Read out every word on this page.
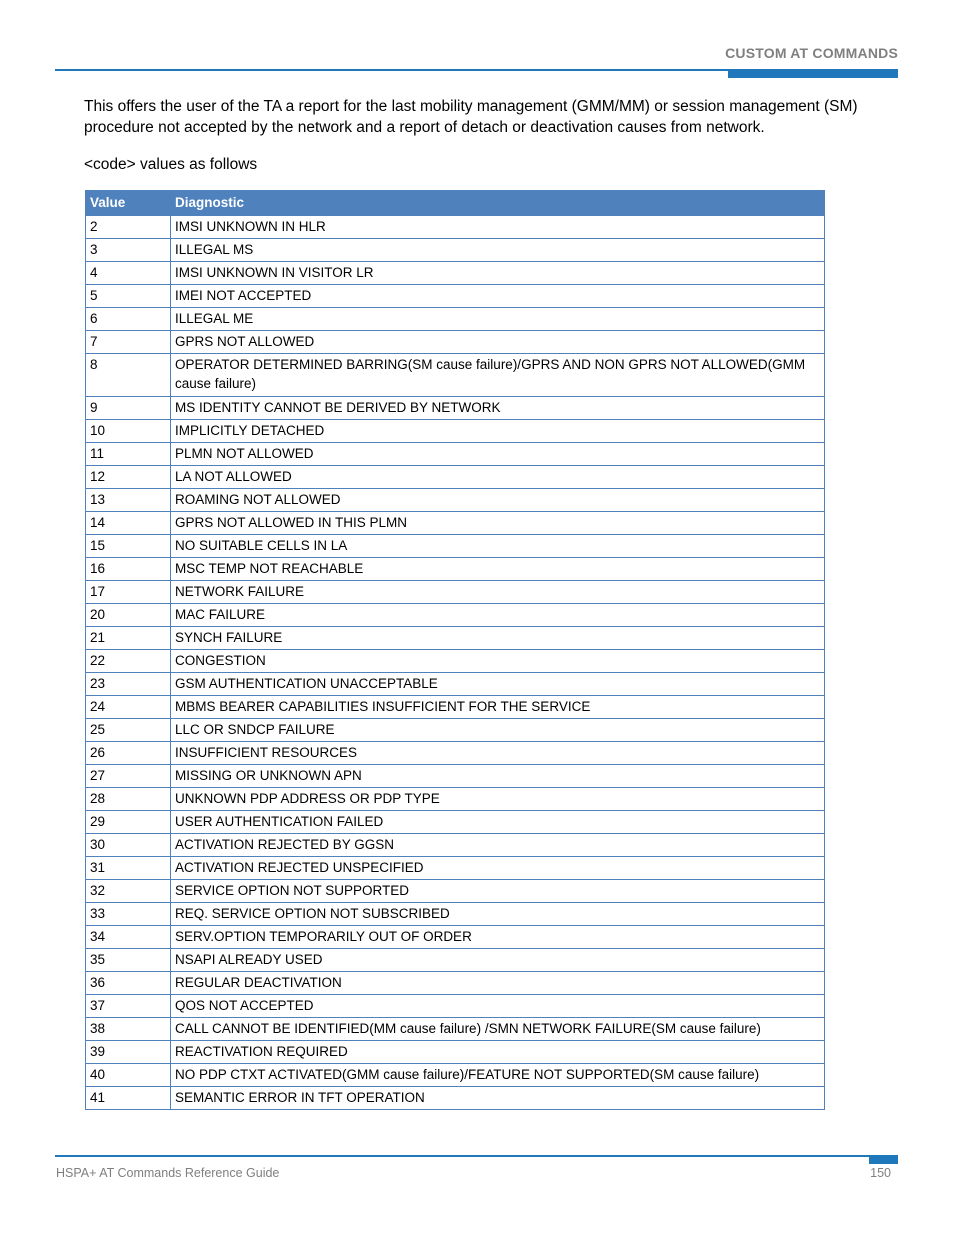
CUSTOM AT COMMANDS

This offers the user of the TA a report for the last mobility management (GMM/MM) or session management (SM) procedure not accepted by the network and a report of detach or deactivation causes from network.

<code> values as follows

Value	Diagnostic
2	IMSI UNKNOWN IN HLR
3	ILLEGAL MS
4	IMSI UNKNOWN IN VISITOR LR
5	IMEI NOT ACCEPTED
6	ILLEGAL ME
7	GPRS NOT ALLOWED
8	OPERATOR DETERMINED BARRING(SM cause failure)/GPRS AND NON GPRS NOT ALLOWED(GMM cause failure)
9	MS IDENTITY CANNOT BE DERIVED BY NETWORK
10	IMPLICITLY DETACHED
11	PLMN NOT ALLOWED
12	LA NOT ALLOWED
13	ROAMING NOT ALLOWED
14	GPRS NOT ALLOWED IN THIS PLMN
15	NO SUITABLE CELLS IN LA
16	MSC TEMP NOT REACHABLE
17	NETWORK FAILURE
20	MAC FAILURE
21	SYNCH FAILURE
22	CONGESTION
23	GSM AUTHENTICATION UNACCEPTABLE
24	MBMS BEARER CAPABILITIES INSUFFICIENT FOR THE SERVICE
25	LLC OR SNDCP FAILURE
26	INSUFFICIENT RESOURCES
27	MISSING OR UNKNOWN APN
28	UNKNOWN PDP ADDRESS OR PDP TYPE
29	USER AUTHENTICATION FAILED
30	ACTIVATION REJECTED BY GGSN
31	ACTIVATION REJECTED UNSPECIFIED
32	SERVICE OPTION NOT SUPPORTED
33	REQ. SERVICE OPTION NOT SUBSCRIBED
34	SERV.OPTION TEMPORARILY OUT OF ORDER
35	NSAPI ALREADY USED
36	REGULAR DEACTIVATION
37	QOS NOT ACCEPTED
38	CALL CANNOT BE IDENTIFIED(MM cause failure) /SMN NETWORK FAILURE(SM cause failure)
39	REACTIVATION REQUIRED
40	NO PDP CTXT ACTIVATED(GMM cause failure)/FEATURE NOT SUPPORTED(SM cause failure)
41	SEMANTIC ERROR IN TFT OPERATION
HSPA+ AT Commands Reference Guide	150
